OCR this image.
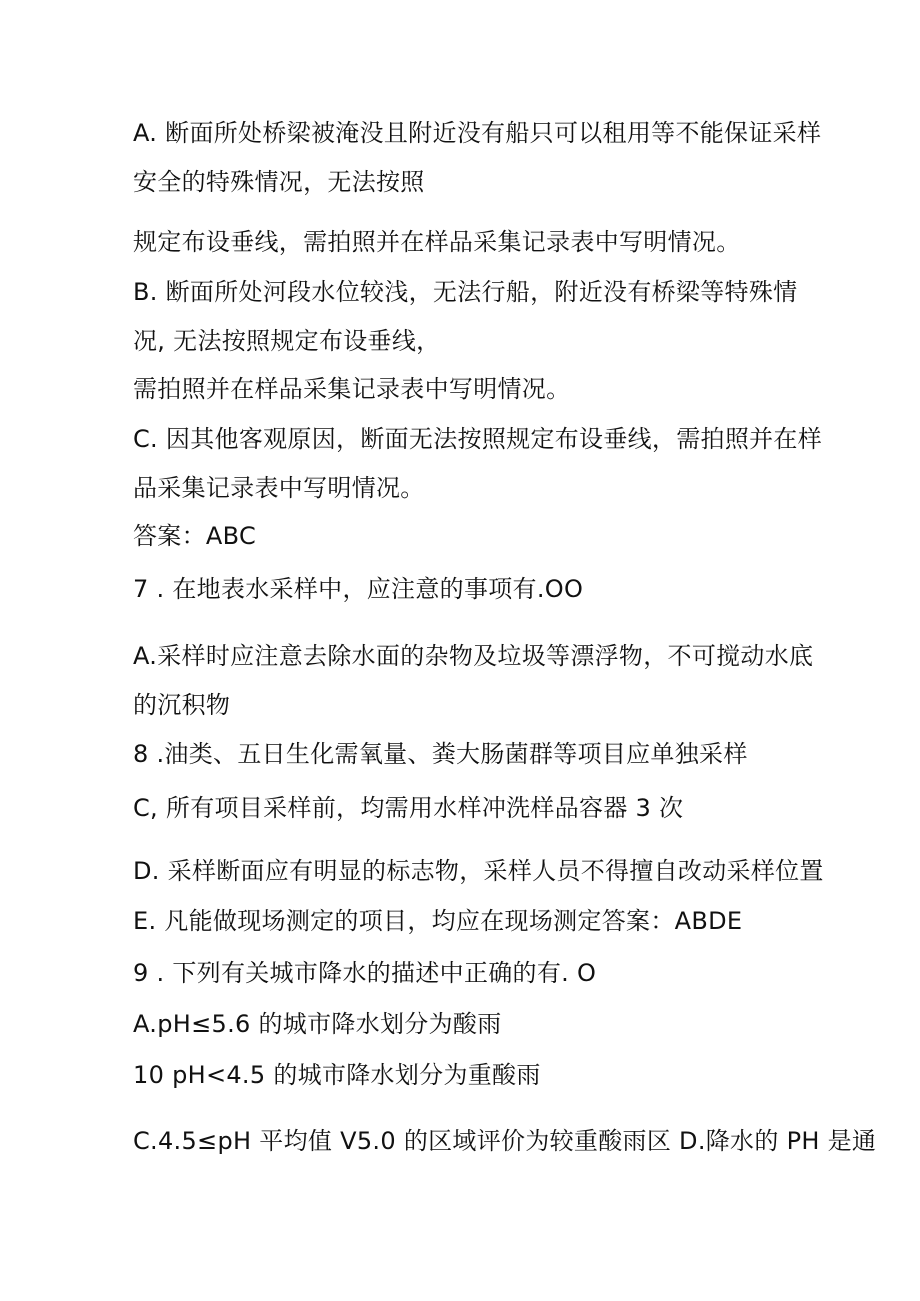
A. 断面所处桥梁被淹没且附近没有船只可以租用等不能保证采样
安全的特殊情况，无法按照
规定布设垂线，需拍照并在样品采集记录表中写明情况。
B. 断面所处河段水位较浅，无法行船，附近没有桥梁等特殊情
况, 无法按照规定布设垂线，
需拍照并在样品采集记录表中写明情况。
C. 因其他客观原因，断面无法按照规定布设垂线，需拍照并在样
品采集记录表中写明情况。
答案：ABC
7 . 在地表水采样中，应注意的事项有.OO
A.采样时应注意去除水面的杂物及垃圾等漂浮物，不可搅动水底
的沉积物
8 .油类、五日生化需氧量、粪大肠菌群等项目应单独采样
C, 所有项目采样前，均需用水样冲洗样品容器 3 次
D. 采样断面应有明显的标志物，采样人员不得擅自改动采样位置
E. 凡能做现场测定的项目，均应在现场测定答案：ABDE
9 . 下列有关城市降水的描述中正确的有. O
A.pH≤5.6 的城市降水划分为酸雨
10 pH<4.5 的城市降水划分为重酸雨
C.4.5≤pH 平均值 V5.0 的区域评价为较重酸雨区 D.降水的 PH 是通
